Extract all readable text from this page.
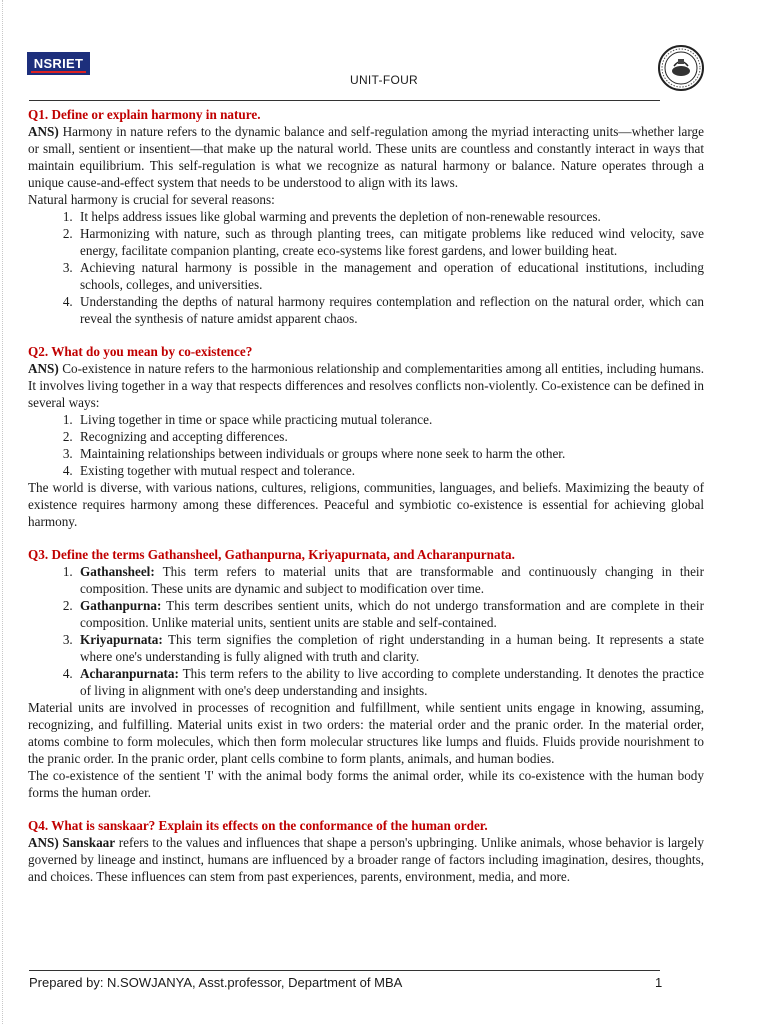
NSRIET
UNIT-FOUR
Q1. Define or explain harmony in nature.

ANS) Harmony in nature refers to the dynamic balance and self-regulation among the myriad interacting units—whether large or small, sentient or insentient—that make up the natural world. These units are countless and constantly interact in ways that maintain equilibrium. This self-regulation is what we recognize as natural harmony or balance. Nature operates through a unique cause-and-effect system that needs to be understood to align with its laws.

Natural harmony is crucial for several reasons:

1. It helps address issues like global warming and prevents the depletion of non-renewable resources.
2. Harmonizing with nature, such as through planting trees, can mitigate problems like reduced wind velocity, save energy, facilitate companion planting, create eco-systems like forest gardens, and lower building heat.
3. Achieving natural harmony is possible in the management and operation of educational institutions, including schools, colleges, and universities.
4. Understanding the depths of natural harmony requires contemplation and reflection on the natural order, which can reveal the synthesis of nature amidst apparent chaos.
Q2. What do you mean by co-existence?

ANS) Co-existence in nature refers to the harmonious relationship and complementarities among all entities, including humans. It involves living together in a way that respects differences and resolves conflicts non-violently. Co-existence can be defined in several ways:

1. Living together in time or space while practicing mutual tolerance.
2. Recognizing and accepting differences.
3. Maintaining relationships between individuals or groups where none seek to harm the other.
4. Existing together with mutual respect and tolerance.

The world is diverse, with various nations, cultures, religions, communities, languages, and beliefs. Maximizing the beauty of existence requires harmony among these differences. Peaceful and symbiotic co-existence is essential for achieving global harmony.

Q3. Define the terms Gathansheel, Gathanpurna, Kriyapurnata, and Acharanpurnata.
1. Gathansheel: This term refers to material units that are transformable and continuously changing in their composition. These units are dynamic and subject to modification over time.
2. Gathanpurna: This term describes sentient units, which do not undergo transformation and are complete in their composition. Unlike material units, sentient units are stable and self-contained.
3. Kriyapurnata: This term signifies the completion of right understanding in a human being. It represents a state where one's understanding is fully aligned with truth and clarity.
4. Acharanpurnata: This term refers to the ability to live according to complete understanding. It denotes the practice of living in alignment with one's deep understanding and insights.

Material units are involved in processes of recognition and fulfillment, while sentient units engage in knowing, assuming, recognizing, and fulfilling. Material units exist in two orders: the material order and the pranic order. In the material order, atoms combine to form molecules, which then form molecular structures like lumps and fluids. Fluids provide nourishment to the pranic order. In the pranic order, plant cells combine to form plants, animals, and human bodies.

The co-existence of the sentient 'I' with the animal body forms the animal order, while its co-existence with the human body forms the human order.

Q4. What is sanskaar? Explain its effects on the conformance of the human order.

ANS) Sanskaar refers to the values and influences that shape a person's upbringing. Unlike animals, whose behavior is largely governed by lineage and instinct, humans are influenced by a broader range of factors including imagination, desires, thoughts, and choices. These influences can stem from past experiences, parents, environment, media, and more.

Prepared by: N.SOWJANYA, Asst.professor, Department of MBA	1
